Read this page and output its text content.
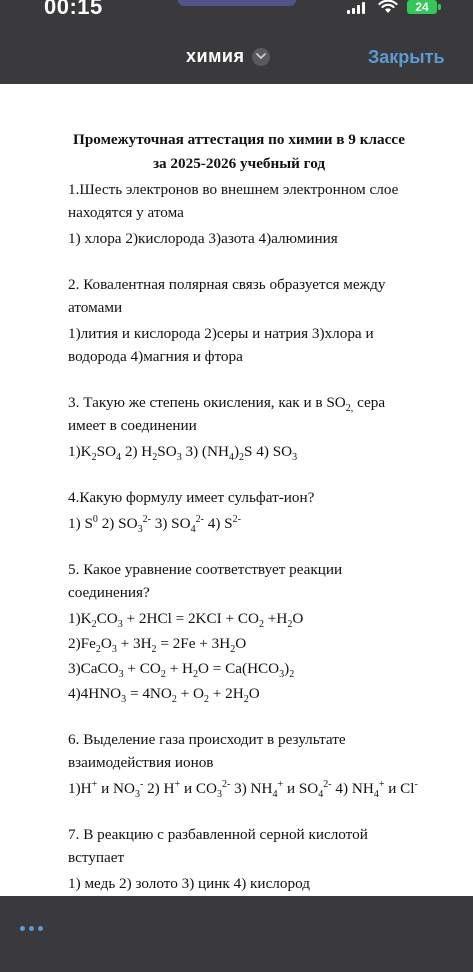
00:15	24
химия	Закрыть

Промежуточная аттестация по химии в 9 классе
за 2025-2026 учебный год

1.Шесть электронов во внешнем электронном слое находятся у атома

1) хлора 2)кислорода 3)азота 4)алюминия

2. Ковалентная полярная связь образуется между атомами

1)лития и кислорода 2)серы и натрия 3)хлора и водорода 4)магния и фтора

3. Такую же степень окисления, как и в $SO_{2,}$ сера имеет в соединении

$1)K_2SO_4$ 2) $H_2SO_3$ 3) $(NH_4)_2S$ 4) $SO_3$

4.Какую формулу имеет сульфат-ион?

1) $S^0$ 2) $SO_3^{2-}$ 3) $SO_4^{2-}$ 4) $S^{2-}$

5. Какое уравнение соответствует реакции соединения?

$1)K_2CO_3 + 2HCl = 2KCI + CO_2 +H_2O$

$2)Fe_2O_3 + 3H_2 = 2Fe + 3H_2O$

3)CaCO$_3$ + $CO_2 + H_2O = Ca(HCO_3)_2$

$4)4HNO_3 = 4NO_2 + O_2 + 2H_2O$

6. Выделение газа происходит в результате взаимодействия ионов

1)H+ и $NO_3^-$ 2) H+ и $CO_3^{2-}$ 3) $NH_4^+$ и $SO_4^{2-}$ 4) $NH_4^+$ и Cl-

7. В реакцию с разбавленной серной кислотой вступает

1) медь 2) золото 3) цинк 4) кислород
